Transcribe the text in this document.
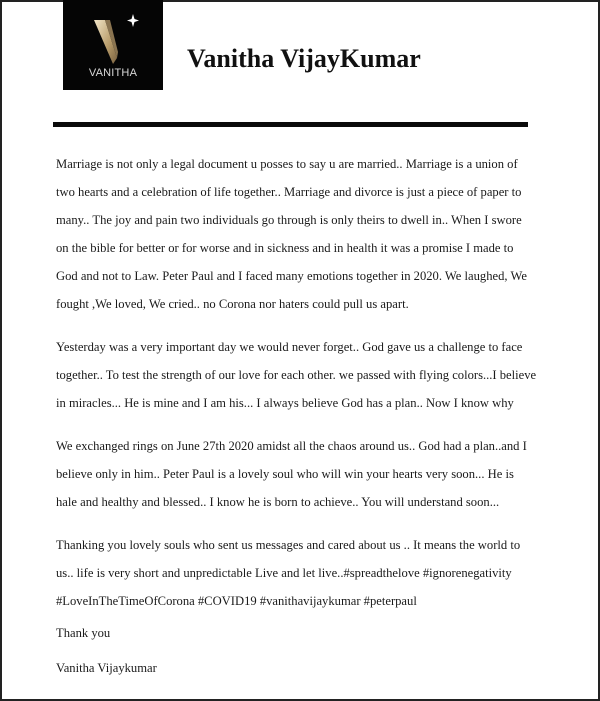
VANITHA	Vanitha VijayKumar
Marriage is not only a legal document u posses to say u are married.. Marriage is a union of
two hearts and a celebration of life together.. Marriage and divorce is just a piece of paper to
many.. The joy and pain two individuals go through is only theirs to dwell in.. When I swore
on the bible for better or for worse and in sickness and in health it was a promise I made to
God and not to Law. Peter Paul and I faced many emotions together in 2020. We laughed, We
fought ,We loved, We cried.. no Corona nor haters could pull us apart.
Yesterday was a very important day we would never forget.. God gave us a challenge to face
together.. To test the strength of our love for each other. we passed with flying colors...I believe
in miracles... He is mine and I am his... I always believe God has a plan.. Now I know why
We exchanged rings on June 27th 2020 amidst all the chaos around us.. God had a plan..and I
believe only in him.. Peter Paul is a lovely soul who will win your hearts very soon... He is
hale and healthy and blessed.. I know he is born to achieve.. You will understand soon...
Thanking you lovely souls who sent us messages and cared about us .. It means the world to
us.. life is very short and unpredictable Live and let live..#spreadthelove #ignorenegativity
#LoveInTheTimeOfCorona #COVID19 #vanithavijaykumar #peterpaul
Thank you
Vanitha Vijaykumar
